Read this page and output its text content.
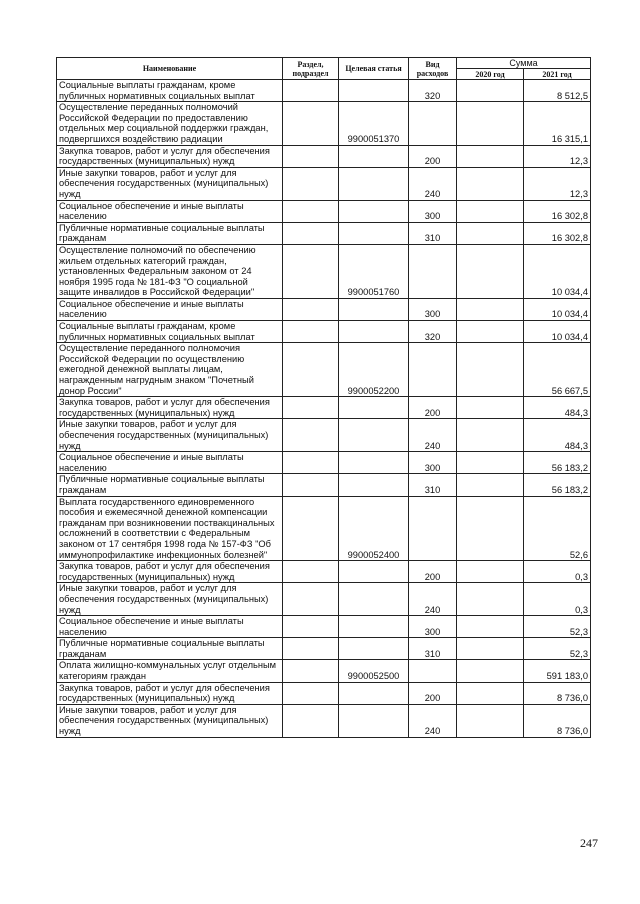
Наименование	Раздел, подраздел	Целевая статья	Вид расходов	Сумма	
				2020 год	2021 год
Социальные выплаты гражданам, кроме публичных нормативных социальных выплат			320		8 512,5
Осуществление переданных полномочий Российской Федерации по предоставлению отдельных мер социальной поддержки граждан, подвергшихся воздействию радиации		9900051370			16 315,1
Закупка товаров, работ и услуг для обеспечения государственных (муниципальных) нужд			200		12,3
Иные закупки товаров, работ и услуг для обеспечения государственных (муниципальных) нужд			240		12,3
Социальное обеспечение и иные выплаты населению			300		16 302,8
Публичные нормативные социальные выплаты гражданам			310		16 302,8
Осуществление полномочий по обеспечению жильем отдельных категорий граждан, установленных Федеральным законом от 24 ноября 1995 года № 181-ФЗ "О социальной защите инвалидов в Российской Федерации"		9900051760			10 034,4
Социальное обеспечение и иные выплаты населению			300		10 034,4
Социальные выплаты гражданам, кроме публичных нормативных социальных выплат			320		10 034,4
Осуществление переданного полномочия Российской Федерации по осуществлению ежегодной денежной выплаты лицам, награжденным нагрудным знаком "Почетный донор России"		9900052200			56 667,5
Закупка товаров, работ и услуг для обеспечения государственных (муниципальных) нужд			200		484,3
Иные закупки товаров, работ и услуг для обеспечения государственных (муниципальных) нужд			240		484,3
Социальное обеспечение и иные выплаты населению			300		56 183,2
Публичные нормативные социальные выплаты гражданам			310		56 183,2
Выплата государственного единовременного пособия и ежемесячной денежной компенсации гражданам при возникновении поствакцинальных осложнений в соответствии с Федеральным законом от 17 сентября 1998 года № 157-ФЗ "Об иммунопрофилактике инфекционных болезней"		9900052400			52,6
Закупка товаров, работ и услуг для обеспечения государственных (муниципальных) нужд			200		0,3
Иные закупки товаров, работ и услуг для обеспечения государственных (муниципальных) нужд			240		0,3
Социальное обеспечение и иные выплаты населению			300		52,3
Публичные нормативные социальные выплаты гражданам			310		52,3
Оплата жилищно-коммунальных услуг отдельным категориям граждан		9900052500			591 183,0
Закупка товаров, работ и услуг для обеспечения государственных (муниципальных) нужд			200		8 736,0
Иные закупки товаров, работ и услуг для обеспечения государственных (муниципальных) нужд			240		8 736,0
247
